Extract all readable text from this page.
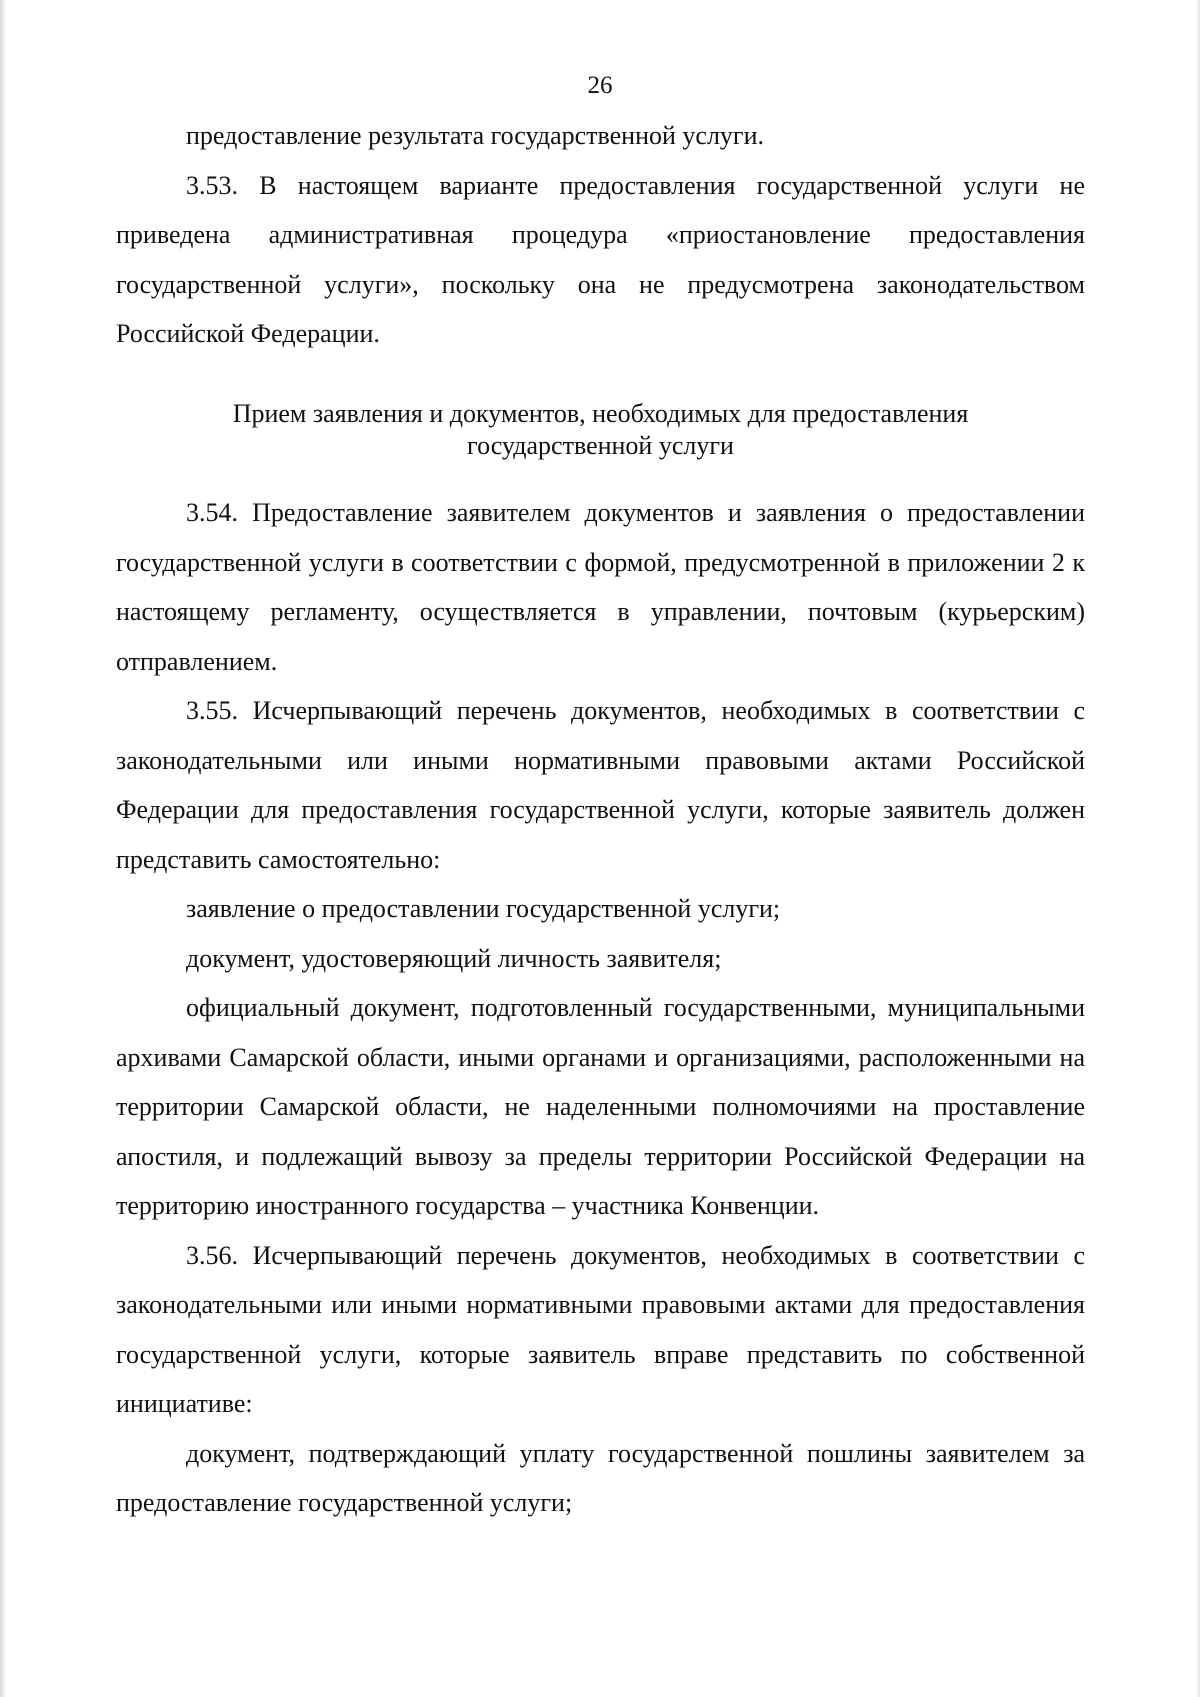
26

предоставление результата государственной услуги.

3.53. В настоящем варианте предоставления государственной услуги не приведена административная процедура «приостановление предоставления государственной услуги», поскольку она не предусмотрена законодательством Российской Федерации.

Прием заявления и документов, необходимых для предоставления

государственной услуги

3.54. Предоставление заявителем документов и заявления о предоставлении государственной услуги в соответствии с формой, предусмотренной в приложении 2 к настоящему регламенту, осуществляется в управлении, почтовым (курьерским) отправлением.

3.55. Исчерпывающий перечень документов, необходимых в соответствии с законодательными или иными нормативными правовыми актами Российской Федерации для предоставления государственной услуги, которые заявитель должен представить самостоятельно:

заявление о предоставлении государственной услуги;

документ, удостоверяющий личность заявителя;

официальный документ, подготовленный государственными, муниципальными архивами Самарской области, иными органами и организациями, расположенными на территории Самарской области, не наделенными полномочиями на проставление апостиля, и подлежащий вывозу за пределы территории Российской Федерации на территорию иностранного государства – участника Конвенции.

3.56. Исчерпывающий перечень документов, необходимых в соответствии с законодательными или иными нормативными правовыми актами для предоставления государственной услуги, которые заявитель вправе представить по собственной инициативе:

документ, подтверждающий уплату государственной пошлины заявителем за предоставление государственной услуги;
